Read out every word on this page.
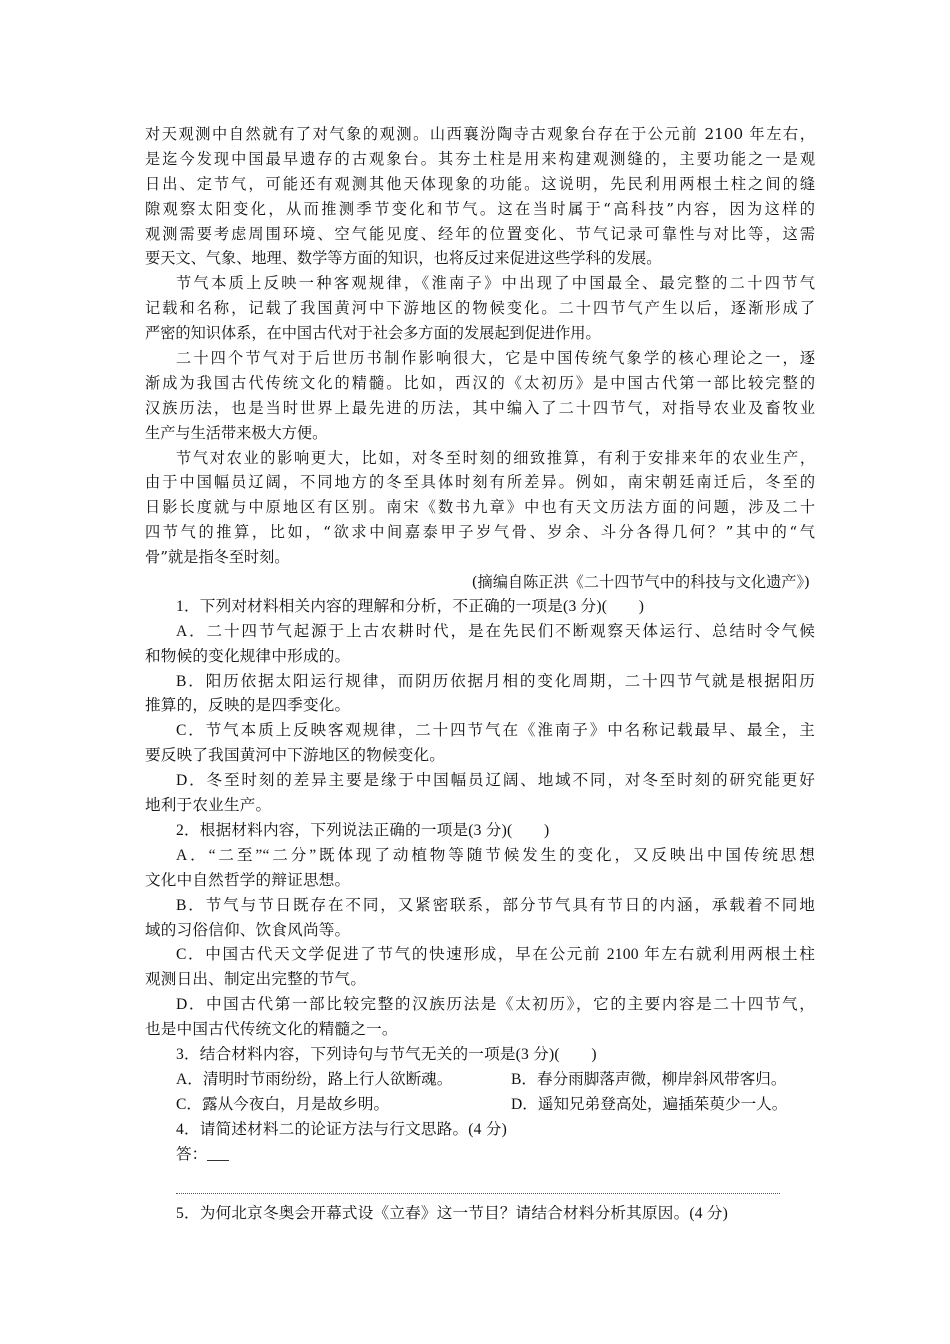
对天观测中自然就有了对气象的观测。山西襄汾陶寺古观象台存在于公元前 2100 年左右，
是迄今发现中国最早遗存的古观象台。其夯土柱是用来构建观测缝的，主要功能之一是观
日出、定节气，可能还有观测其他天体现象的功能。这说明，先民利用两根土柱之间的缝
隙观察太阳变化，从而推测季节变化和节气。这在当时属于“高科技”内容，因为这样的
观测需要考虑周围环境、空气能见度、经年的位置变化、节气记录可靠性与对比等，这需
要天文、气象、地理、数学等方面的知识，也将反过来促进这些学科的发展。
节气本质上反映一种客观规律，《淮南子》中出现了中国最全、最完整的二十四节气
记载和名称，记载了我国黄河中下游地区的物候变化。二十四节气产生以后，逐渐形成了
严密的知识体系，在中国古代对于社会多方面的发展起到促进作用。
二十四个节气对于后世历书制作影响很大，它是中国传统气象学的核心理论之一，逐
渐成为我国古代传统文化的精髓。比如，西汉的《太初历》是中国古代第一部比较完整的
汉族历法，也是当时世界上最先进的历法，其中编入了二十四节气，对指导农业及畜牧业
生产与生活带来极大方便。
节气对农业的影响更大，比如，对冬至时刻的细致推算，有利于安排来年的农业生产，
由于中国幅员辽阔，不同地方的冬至具体时刻有所差异。例如，南宋朝廷南迁后，冬至的
日影长度就与中原地区有区别。南宋《数书九章》中也有天文历法方面的问题，涉及二十
四节气的推算，比如，“欲求中间嘉泰甲子岁气骨、岁余、斗分各得几何？”其中的“气
骨”就是指冬至时刻。
(摘编自陈正洪《二十四节气中的科技与文化遗产》)
1．下列对材料相关内容的理解和分析，不正确的一项是(3 分)(　　)
A．二十四节气起源于上古农耕时代，是在先民们不断观察天体运行、总结时令气候
和物候的变化规律中形成的。
B．阳历依据太阳运行规律，而阴历依据月相的变化周期，二十四节气就是根据阳历
推算的，反映的是四季变化。
C．节气本质上反映客观规律，二十四节气在《淮南子》中名称记载最早、最全，主
要反映了我国黄河中下游地区的物候变化。
D．冬至时刻的差异主要是缘于中国幅员辽阔、地域不同，对冬至时刻的研究能更好
地利于农业生产。
2．根据材料内容，下列说法正确的一项是(3 分)(　　)
A．“二至”“二分”既体现了动植物等随节候发生的变化，又反映出中国传统思想
文化中自然哲学的辩证思想。
B．节气与节日既存在不同，又紧密联系，部分节气具有节日的内涵，承载着不同地
域的习俗信仰、饮食风尚等。
C．中国古代天文学促进了节气的快速形成，早在公元前 2100 年左右就利用两根土柱
观测日出、制定出完整的节气。
D．中国古代第一部比较完整的汉族历法是《太初历》，它的主要内容是二十四节气，
也是中国古代传统文化的精髓之一。
3．结合材料内容，下列诗句与节气无关的一项是(3 分)(　　)
A．清明时节雨纷纷，路上行人欲断魂。	B．春分雨脚落声微，柳岸斜风带客归。
C．露从今夜白，月是故乡明。	D．遥知兄弟登高处，遍插茱萸少一人。
4．请简述材料二的论证方法与行文思路。(4 分)
答：
5．为何北京冬奥会开幕式设《立春》这一节目？请结合材料分析其原因。(4 分)
